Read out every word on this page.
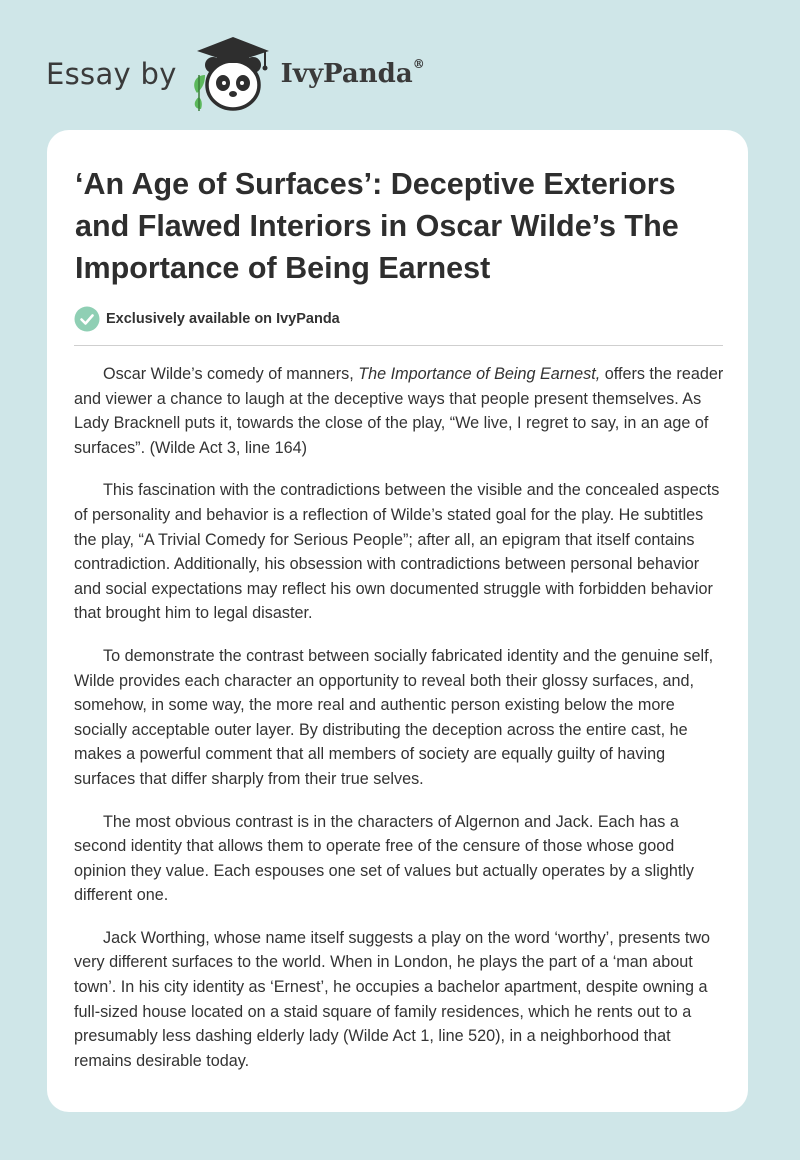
Essay by	IvyPanda®
‘An Age of Surfaces’: Deceptive Exteriors and Flawed Interiors in Oscar Wilde’s The Importance of Being Earnest
Exclusively available on IvyPanda

Oscar Wilde’s comedy of manners, The Importance of Being Earnest, offers the reader and viewer a chance to laugh at the deceptive ways that people present themselves. As Lady Bracknell puts it, towards the close of the play, “We live, I regret to say, in an age of surfaces”. (Wilde Act 3, line 164)

This fascination with the contradictions between the visible and the concealed aspects of personality and behavior is a reflection of Wilde’s stated goal for the play. He subtitles the play, “A Trivial Comedy for Serious People”; after all, an epigram that itself contains contradiction. Additionally, his obsession with contradictions between personal behavior and social expectations may reflect his own documented struggle with forbidden behavior that brought him to legal disaster.

To demonstrate the contrast between socially fabricated identity and the genuine self, Wilde provides each character an opportunity to reveal both their glossy surfaces, and, somehow, in some way, the more real and authentic person existing below the more socially acceptable outer layer. By distributing the deception across the entire cast, he makes a powerful comment that all members of society are equally guilty of having surfaces that differ sharply from their true selves.

The most obvious contrast is in the characters of Algernon and Jack. Each has a second identity that allows them to operate free of the censure of those whose good opinion they value. Each espouses one set of values but actually operates by a slightly different one.

Jack Worthing, whose name itself suggests a play on the word ‘worthy’, presents two very different surfaces to the world. When in London, he plays the part of a ‘man about town’. In his city identity as ‘Ernest’, he occupies a bachelor apartment, despite owning a full-sized house located on a staid square of family residences, which he rents out to a presumably less dashing elderly lady (Wilde Act 1, line 520), in a neighborhood that remains desirable today.
